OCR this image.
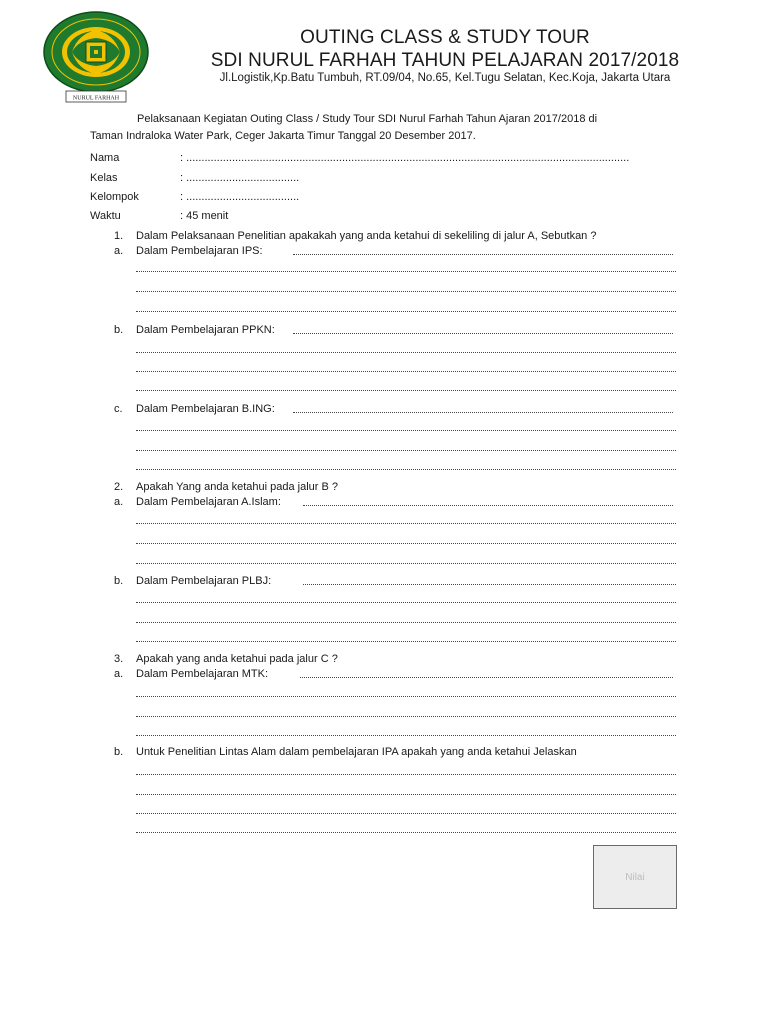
NURUL FARHAH
OUTING CLASS & STUDY TOUR
SDI NURUL FARHAH TAHUN PELAJARAN 2017/2018
Jl.Logistik,Kp.Batu Tumbuh, RT.09/04, No.65, Kel.Tugu Selatan, Kec.Koja, Jakarta Utara
Pelaksanaan Kegiatan Outing Class / Study Tour SDI Nurul Farhah Tahun Ajaran 2017/2018 di
Taman Indraloka Water Park, Ceger Jakarta Timur Tanggal 20 Desember 2017.
Nama	: .................................................................................................................................................
Kelas	: .....................................
Kelompok	: .....................................
Waktu	: 45 menit
1. Dalam Pelaksanaan Penelitian apakakah yang anda ketahui di sekeliling di jalur A, Sebutkan ?
a. Dalam Pembelajaran IPS:
b. Dalam Pembelajaran PPKN:
c. Dalam Pembelajaran B.ING:
2. Apakah Yang anda ketahui pada jalur B ?
a. Dalam Pembelajaran A.Islam:
b. Dalam Pembelajaran PLBJ:
3. Apakah yang anda ketahui pada jalur C ?
a. Dalam Pembelajaran MTK:
b. Untuk Penelitian Lintas Alam dalam pembelajaran IPA apakah yang anda ketahui Jelaskan
Nilai
